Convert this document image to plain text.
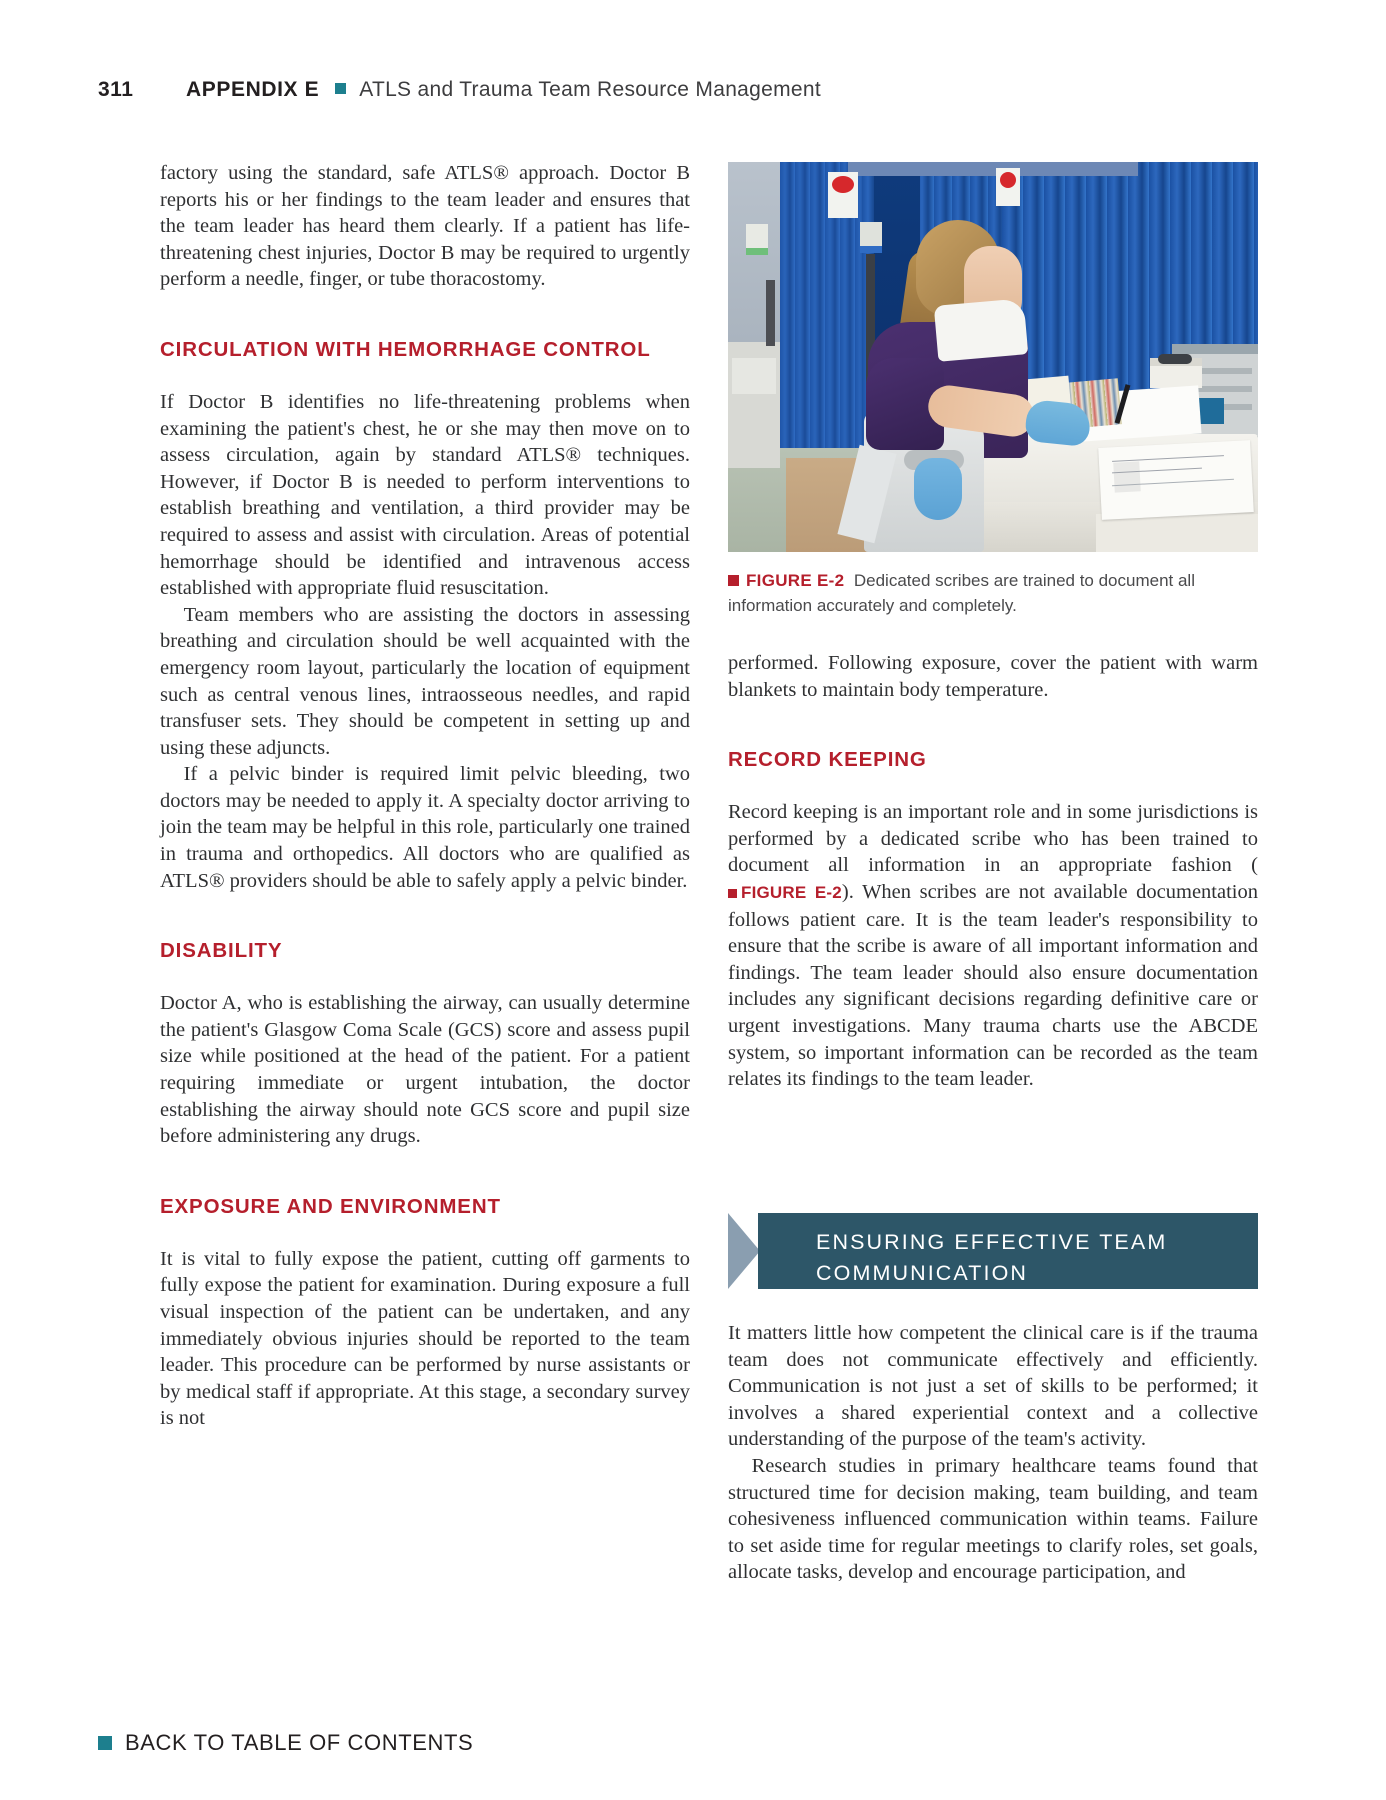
311	APPENDIX E ATLS and Trauma Team Resource Management

factory using the standard, safe ATLS® approach. Doctor B reports his or her findings to the team leader and ensures that the team leader has heard them clearly. If a patient has life-threatening chest injuries, Doctor B may be required to urgently perform a needle, finger, or tube thoracostomy.

CIRCULATION WITH HEMORRHAGE CONTROL

If Doctor B identifies no life-threatening problems when examining the patient's chest, he or she may then move on to assess circulation, again by standard ATLS® techniques. However, if Doctor B is needed to perform interventions to establish breathing and ventilation, a third provider may be required to assess and assist with circulation. Areas of potential hemorrhage should be identified and intravenous access established with appropriate fluid resuscitation.

Team members who are assisting the doctors in assessing breathing and circulation should be well acquainted with the emergency room layout, particularly the location of equipment such as central venous lines, intraosseous needles, and rapid transfuser sets. They should be competent in setting up and using these adjuncts.

If a pelvic binder is required limit pelvic bleeding, two doctors may be needed to apply it. A specialty doctor arriving to join the team may be helpful in this role, particularly one trained in trauma and orthopedics. All doctors who are qualified as ATLS® providers should be able to safely apply a pelvic binder.

DISABILITY

Doctor A, who is establishing the airway, can usually determine the patient's Glasgow Coma Scale (GCS) score and assess pupil size while positioned at the head of the patient. For a patient requiring immediate or urgent intubation, the doctor establishing the airway should note GCS score and pupil size before administering any drugs.

EXPOSURE AND ENVIRONMENT

It is vital to fully expose the patient, cutting off garments to fully expose the patient for examination. During exposure a full visual inspection of the patient can be undertaken, and any immediately obvious injuries should be reported to the team leader. This procedure can be performed by nurse assistants or by medical staff if appropriate. At this stage, a secondary survey is not

FIGURE E-2 Dedicated scribes are trained to document all information accurately and completely.

performed. Following exposure, cover the patient with warm blankets to maintain body temperature.

RECORD KEEPING

Record keeping is an important role and in some jurisdictions is performed by a dedicated scribe who has been trained to document all information in an appropriate fashion (FIGURE E-2). When scribes are not available documentation follows patient care. It is the team leader's responsibility to ensure that the scribe is aware of all important information and findings. The team leader should also ensure documentation includes any significant decisions regarding definitive care or urgent investigations. Many trauma charts use the ABCDE system, so important information can be recorded as the team relates its findings to the team leader.

ENSURING EFFECTIVE TEAM COMMUNICATION

It matters little how competent the clinical care is if the trauma team does not communicate effectively and efficiently. Communication is not just a set of skills to be performed; it involves a shared experiential context and a collective understanding of the purpose of the team's activity.

Research studies in primary healthcare teams found that structured time for decision making, team building, and team cohesiveness influenced communication within teams. Failure to set aside time for regular meetings to clarify roles, set goals, allocate tasks, develop and encourage participation, and

BACK TO TABLE OF CONTENTS
